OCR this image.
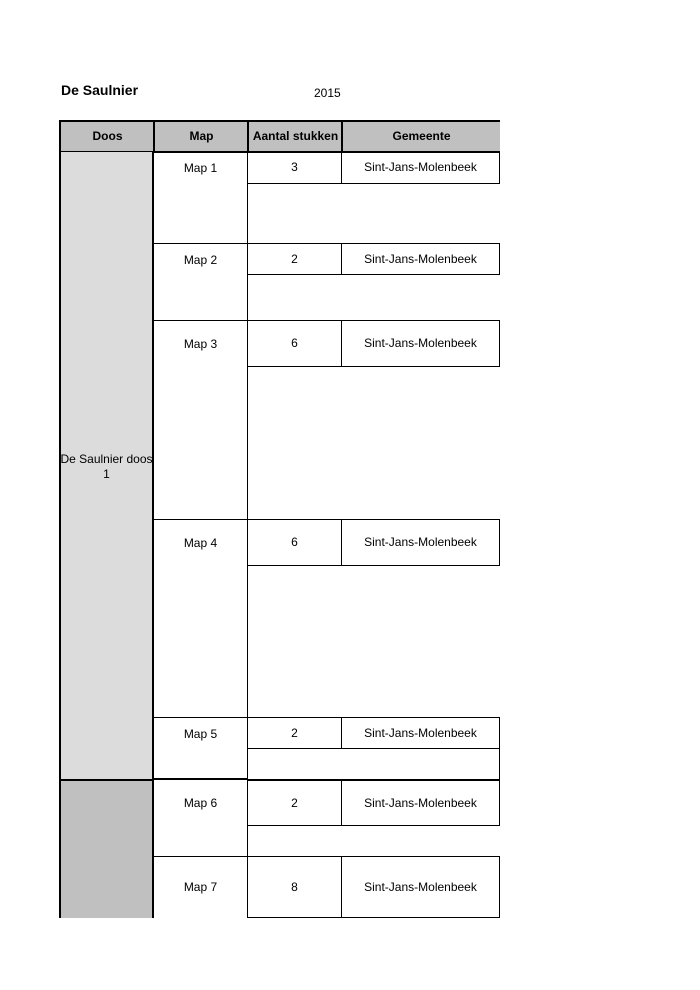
De Saulnier	2015
Doos	Map	Aantal stukken	Gemeente
De Saulnier doos 1
Map 1	3	Sint-Jans-Molenbeek
Map 2	2	Sint-Jans-Molenbeek
Map 3	6	Sint-Jans-Molenbeek
Map 4	6	Sint-Jans-Molenbeek
Map 5	2	Sint-Jans-Molenbeek
Map 6	2	Sint-Jans-Molenbeek
Map 7	8	Sint-Jans-Molenbeek
